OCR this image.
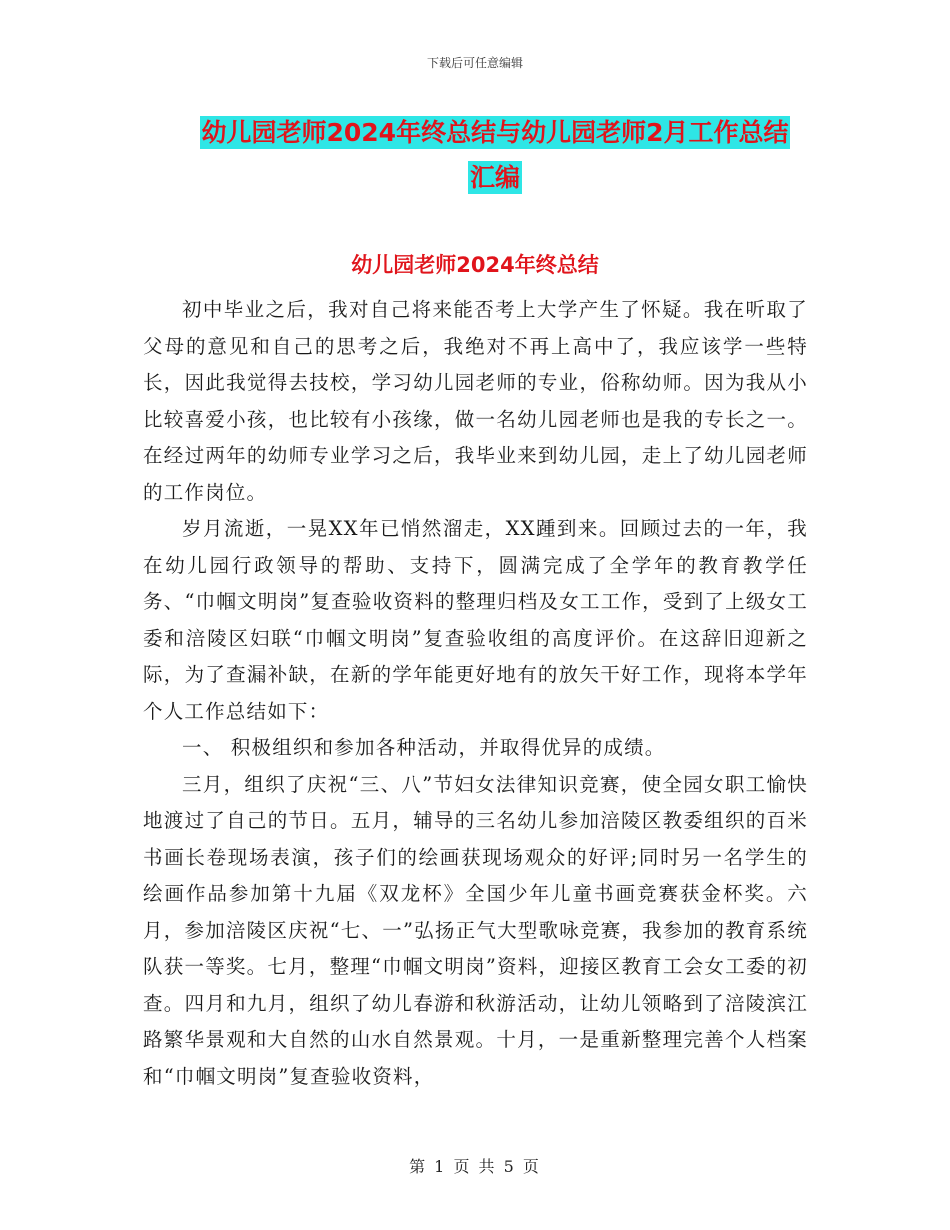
下载后可任意编辑
幼儿园老师2024年终总结与幼儿园老师2月工作总结
汇编
幼儿园老师2024年终总结

初中毕业之后，我对自己将来能否考上大学产生了怀疑。我在听取了父母的意见和自己的思考之后，我绝对不再上高中了，我应该学一些特长，因此我觉得去技校，学习幼儿园老师的专业，俗称幼师。因为我从小比较喜爱小孩，也比较有小孩缘，做一名幼儿园老师也是我的专长之一。在经过两年的幼师专业学习之后，我毕业来到幼儿园，走上了幼儿园老师的工作岗位。

岁月流逝，一晃XX年已悄然溜走，XX踵到来。回顾过去的一年，我在幼儿园行政领导的帮助、支持下，圆满完成了全学年的教育教学任务、“巾帼文明岗”复查验收资料的整理归档及女工工作，受到了上级女工委和涪陵区妇联“巾帼文明岗”复查验收组的高度评价。在这辞旧迎新之际，为了查漏补缺，在新的学年能更好地有的放矢干好工作，现将本学年个人工作总结如下：

一、 积极组织和参加各种活动，并取得优异的成绩。

三月，组织了庆祝“三、八”节妇女法律知识竞赛，使全园女职工愉快地渡过了自己的节日。五月，辅导的三名幼儿参加涪陵区教委组织的百米书画长卷现场表演，孩子们的绘画获现场观众的好评;同时另一名学生的绘画作品参加第十九届《双龙杯》全国少年儿童书画竞赛获金杯奖。六月，参加涪陵区庆祝“七、一”弘扬正气大型歌咏竞赛，我参加的教育系统队获一等奖。七月，整理“巾帼文明岗”资料，迎接区教育工会女工委的初查。四月和九月，组织了幼儿春游和秋游活动，让幼儿领略到了涪陵滨江路繁华景观和大自然的山水自然景观。十月，一是重新整理完善个人档案和“巾帼文明岗”复查验收资料，

第 1 页 共 5 页
